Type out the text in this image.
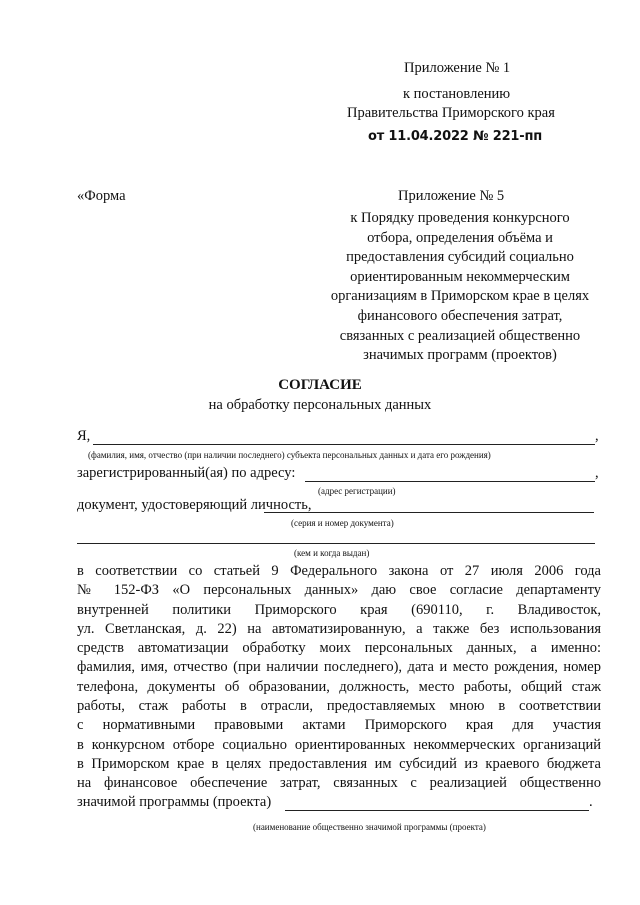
Приложение № 1
к постановлению
Правительства Приморского края
от 11.04.2022 № 221-пп
«Форма	Приложение № 5
к Порядку проведения конкурсного
отбора, определения объёма и
предоставления субсидий социально
ориентированным некоммерческим
организациям в Приморском крае в целях
финансового обеспечения затрат,
связанных с реализацией общественно
значимых программ (проектов)
СОГЛАСИЕ
на обработку персональных данных
Я,	,
(фамилия, имя, отчество (при наличии последнего) субъекта персональных данных и дата его рождения)
зарегистрированный(ая) по адресу:	,
(адрес регистрации)
документ, удостоверяющий личность,
(серия и номер документа)
(кем и когда выдан)
в соответствии со статьей 9 Федерального закона от 27 июля 2006 года
№ 152-ФЗ «О персональных данных» даю свое согласие департаменту
внутренней политики Приморского края (690110, г. Владивосток,
ул. Светланская, д. 22) на автоматизированную, а также без использования
средств автоматизации обработку моих персональных данных, а именно:
фамилия, имя, отчество (при наличии последнего), дата и место рождения, номер
телефона, документы об образовании, должность, место работы, общий стаж
работы, стаж работы в отрасли, предоставляемых мною в соответствии
с нормативными правовыми актами Приморского края для участия
в конкурсном отборе социально ориентированных некоммерческих организаций
в Приморском крае в целях предоставления им субсидий из краевого бюджета
на финансовое обеспечение затрат, связанных с реализацией общественно
значимой программы (проекта)	.
(наименование общественно значимой программы (проекта)
